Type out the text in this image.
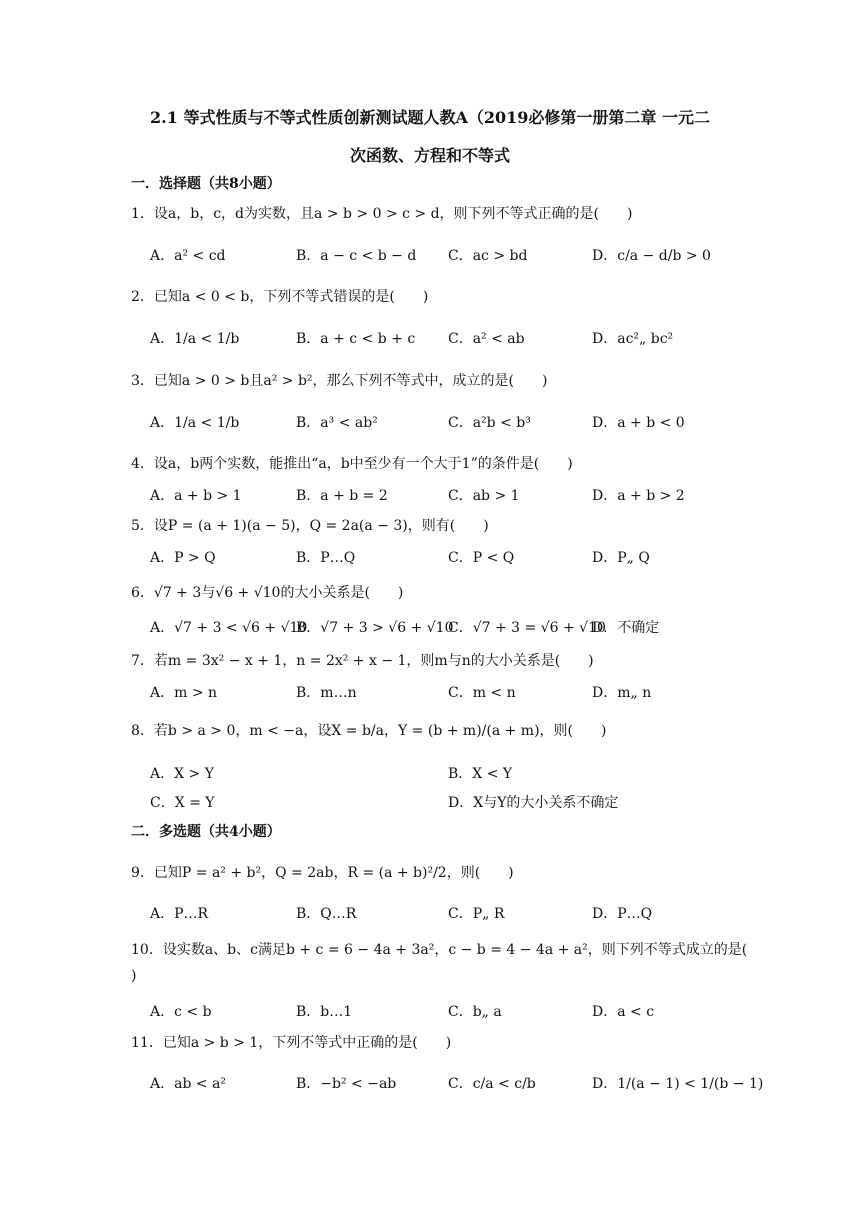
2.1 等式性质与不等式性质创新测试题人教A（2019必修第一册第二章 一元二
次函数、方程和不等式
一．选择题（共8小题）
1．设a，b，c，d为实数，且a > b > 0 > c > d，则下列不等式正确的是(　　)
A．a² < cd	B．a − c < b − d C．ac > bd	D．c/a − d/b > 0
2．已知a < 0 < b，下列不等式错误的是(　　)
A．1/a < 1/b	B．a + c < b + c C．a² < ab	D．ac²„ bc²
3．已知a > 0 > b且a² > b²，那么下列不等式中，成立的是(　　)
A．1/a < 1/b	B．a³ < ab²	C．a²b < b³	D．a + b < 0
4．设a，b两个实数，能推出“a，b中至少有一个大于1”的条件是(　　)
A．a + b > 1	B．a + b = 2	C．ab > 1	D．a + b > 2
5．设P = (a + 1)(a − 5)，Q = 2a(a − 3)，则有(　　)
A．P > Q	B．P…Q	C．P < Q	D．P„ Q
6．√7 + 3与√6 + √10的大小关系是(　　)
A．√7 + 3 < √6 + √10
B．√7 + 3 > √6 + √10
C．√7 + 3 = √6 + √10
D．不确定
7．若m = 3x² − x + 1，n = 2x² + x − 1，则m与n的大小关系是(　　)
A．m > n	B．m…n	C．m < n	D．m„ n
8．若b > a > 0，m < −a，设X = b/a，Y = (b + m)/(a + m)，则(　　)
A．X > Y	B．X < Y
C．X = Y	D．X与Y的大小关系不确定
二．多选题（共4小题）
9．已知P = a² + b²，Q = 2ab，R = (a + b)²/2，则(　　)
A．P…R	B．Q…R	C．P„ R	D．P…Q
10．设实数a、b、c满足b + c = 6 − 4a + 3a²，c − b = 4 − 4a + a²，则下列不等式成立的是(
)
A．c < b	B．b…1	C．b„ a	D．a < c
11．已知a > b > 1，下列不等式中正确的是(　　)
A．ab < a²	B．−b² < −ab	C．c/a < c/b	D．1/(a − 1) < 1/(b − 1)
